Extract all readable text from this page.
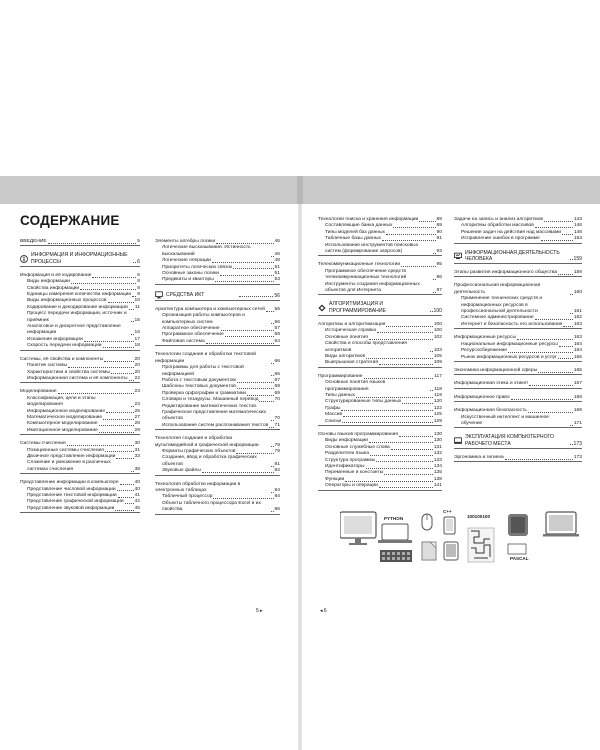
СОДЕРЖАНИЕ
ВВЕДЕНИЕ	5
ИНФОРМАЦИЯ И ИНФОРМАЦИОННЫЕ ПРОЦЕССЫ	6
Информация и её кодирование	6
Виды информации	8
Свойства информации	8
Единицы измерения количества информации 8
Виды информационных процессов	10
Кодирование и декодирование информации 11
Процесс передачи информации, источник и приёмник	15
Аналоговое и дискретное представление информации	16
Искажение информации	17
Скорость передачи информации	18
Системы, её свойства и компоненты	20
Понятие системы	20
Характеристики и свойства системы	20
Информационная система и её компоненты 22
Моделирование	23
Классификация, цели и этапы моделирования	23
Информационное моделирование	25
Математическое моделирование	27
Компьютерное моделирование	28
Имитационное моделирование	29
Системы счисления	30
Позиционные системы счисления	31
Двоичное представление информации	33
Сложение и умножение в различных системах счисления	38
Представление информации в компьютере	40
Представление числовой информации	40
Представление текстовой информации	41
Представление графической информации 42
Представление звуковой информации	45
Элементы алгебры логики	46
Логические высказывания. Истинность высказываний	46
Логические операции	48
Приоритеты логических связок	51
Основные законы логики	51
Предикаты и кванторы	53
СРЕДСТВА ИКТ	56
Архитектура компьютера и компьютерных сетей 56
Организация работы компьютеров и компьютерных систем	56
Аппаратное обеспечение	57
Программное обеспечение	59
Файловая система	64
Технологии создания и обработки текстовой информации	66
Программы для работы с текстовой информацией	66
Работа с текстовым документом	67
Шаблоны текстовых документов	69
Проверка орфографии и грамматики	69
Словари и тезаурусы. Машинный перевод	70
Редактирование математических текстов. Графическое представление математических объектов	70
Использование систем распознавания текстов 71
Технология создания и обработки мультимедийной и графической информации	79
Форматы графических объектов	79
Создание, ввод и обработка графических объектов	81
Звуковые файлы	82
Технология обработки информации в электронных таблицах	84
Табличный процессор	84
Объекты табличного процессора Excel и их свойства	86
Технологии поиска и хранения информации	89
Составляющие банка данных	89
Типы моделей баз данных	90
Табличные базы данных	91
Использование инструментов поисковых систем (формирование запросов)	93
Телекоммуникационные технологии	95
Программное обеспечение средств телекоммуникационных технологий	96
Инструменты создания информационных объектов для Интернета	97
АЛГОРИТМИЗАЦИЯ И ПРОГРАММИРОВАНИЕ	100
Алгоритмы и алгоритмизация	100
Историческая справка	100
Основные понятия	102
Свойства и способы представления алгоритмов	103
Виды алгоритмов	105
Выигрышная стратегия	109
Программирование	117
Основные понятия языков программирования	118
Типы данных	119
Структурированные типы данных	120
Графы	122
Массив	125
Списки	129
Основы языков программирования	130
Виды информации	130
Основные служебные слова	131
Разделители языка	132
Структура программы	133
Идентификаторы	134
Переменные и константы	135
Функции	138
Операторы и операции	141
Задачи на запись и анализ алгоритмов	143
Алгоритмы обработки массивов	146
Решение задач на действия над массивами	148
Исправление ошибок в программе	153
ИНФОРМАЦИОННАЯ ДЕЯТЕЛЬНОСТЬ ЧЕЛОВЕКА	159
Этапы развития информационного общества	159
Профессиональная информационная деятельность	160
Применение технических средств и информационных ресурсов в профессиональной деятельности	161
Системное администрирование	162
Интернет и безопасность его использования 163
Информационные ресурсы	163
Национальные информационные ресурсы	164
Ресурсосбережение	164
Рынок информационных ресурсов и услуг	165
Экономика информационной сферы	165
Информационная этика и этикет	167
Информационное право	168
Информационная безопасность	169
Искусственный интеллект и машинное обучение	171
ЭКСПЛУАТАЦИЯ КОМПЬЮТЕРНОГО РАБОЧЕГО МЕСТА	173
Эргономика и гигиена	173
5 ▸	◂ 6
PYTHON
C++
100100100
PASCAL
